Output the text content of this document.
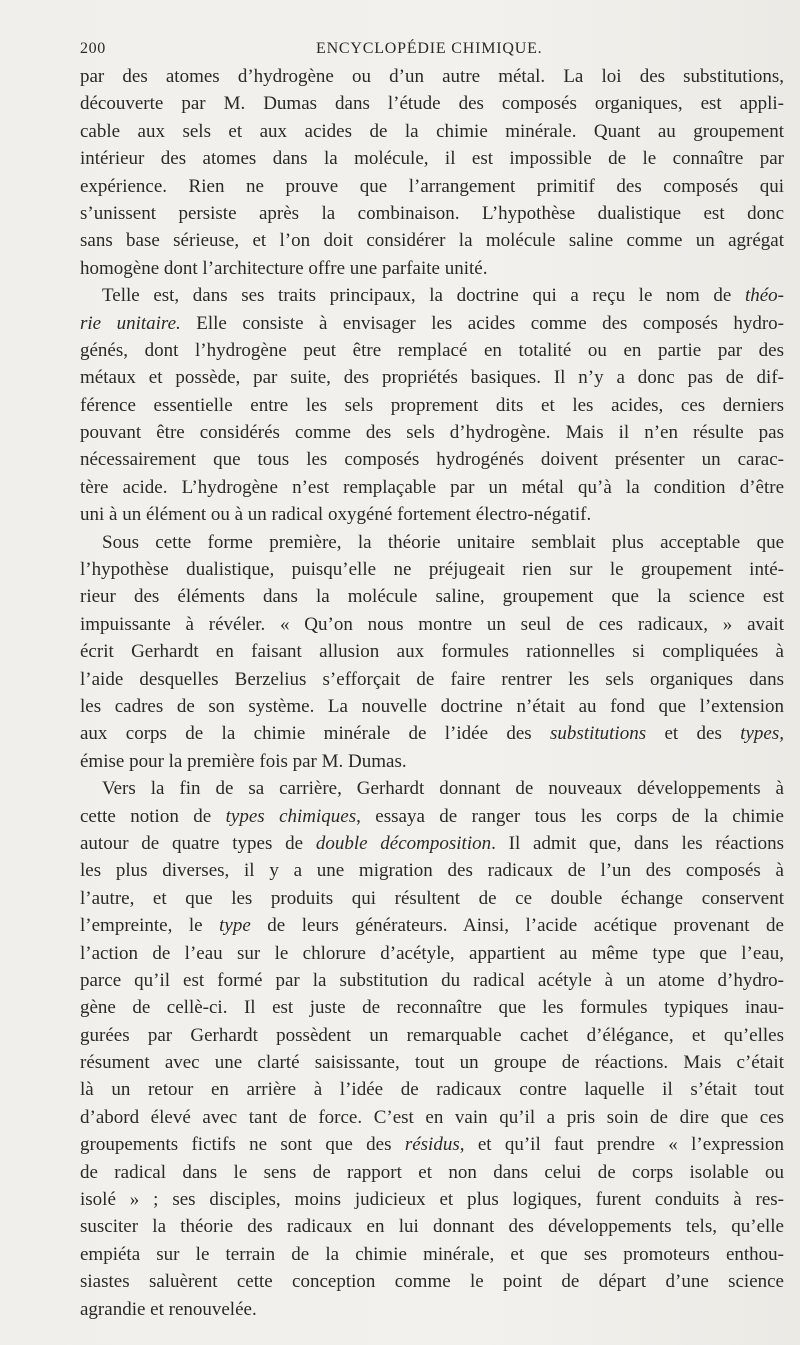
200	ENCYCLOPÉDIE CHIMIQUE.
par des atomes d’hydrogène ou d’un autre métal. La loi des substitutions,
découverte par M. Dumas dans l’étude des composés organiques, est appli-
cable aux sels et aux acides de la chimie minérale. Quant au groupement
intérieur des atomes dans la molécule, il est impossible de le connaître par
expérience. Rien ne prouve que l’arrangement primitif des composés qui
s’unissent persiste après la combinaison. L’hypothèse dualistique est donc
sans base sérieuse, et l’on doit considérer la molécule saline comme un agrégat
homogène dont l’architecture offre une parfaite unité.
Telle est, dans ses traits principaux, la doctrine qui a reçu le nom de théo-
rie unitaire. Elle consiste à envisager les acides comme des composés hydro-
génés, dont l’hydrogène peut être remplacé en totalité ou en partie par des
métaux et possède, par suite, des propriétés basiques. Il n’y a donc pas de dif-
férence essentielle entre les sels proprement dits et les acides, ces derniers
pouvant être considérés comme des sels d’hydrogène. Mais il n’en résulte pas
nécessairement que tous les composés hydrogénés doivent présenter un carac-
tère acide. L’hydrogène n’est remplaçable par un métal qu’à la condition d’être
uni à un élément ou à un radical oxygéné fortement électro-négatif.
Sous cette forme première, la théorie unitaire semblait plus acceptable que
l’hypothèse dualistique, puisqu’elle ne préjugeait rien sur le groupement inté-
rieur des éléments dans la molécule saline, groupement que la science est
impuissante à révéler. « Qu’on nous montre un seul de ces radicaux, » avait
écrit Gerhardt en faisant allusion aux formules rationnelles si compliquées à
l’aide desquelles Berzelius s’efforçait de faire rentrer les sels organiques dans
les cadres de son système. La nouvelle doctrine n’était au fond que l’extension
aux corps de la chimie minérale de l’idée des substitutions et des types,
émise pour la première fois par M. Dumas.
Vers la fin de sa carrière, Gerhardt donnant de nouveaux développements à
cette notion de types chimiques, essaya de ranger tous les corps de la chimie
autour de quatre types de double décomposition. Il admit que, dans les réactions
les plus diverses, il y a une migration des radicaux de l’un des composés à
l’autre, et que les produits qui résultent de ce double échange conservent
l’empreinte, le type de leurs générateurs. Ainsi, l’acide acétique provenant de
l’action de l’eau sur le chlorure d’acétyle, appartient au même type que l’eau,
parce qu’il est formé par la substitution du radical acétyle à un atome d’hydro-
gène de cellè-ci. Il est juste de reconnaître que les formules typiques inau-
gurées par Gerhardt possèdent un remarquable cachet d’élégance, et qu’elles
résument avec une clarté saisissante, tout un groupe de réactions. Mais c’était
là un retour en arrière à l’idée de radicaux contre laquelle il s’était tout
d’abord élevé avec tant de force. C’est en vain qu’il a pris soin de dire que ces
groupements fictifs ne sont que des résidus, et qu’il faut prendre « l’expression
de radical dans le sens de rapport et non dans celui de corps isolable ou
isolé » ; ses disciples, moins judicieux et plus logiques, furent conduits à res-
susciter la théorie des radicaux en lui donnant des développements tels, qu’elle
empiéta sur le terrain de la chimie minérale, et que ses promoteurs enthou-
siastes saluèrent cette conception comme le point de départ d’une science
agrandie et renouvelée.
